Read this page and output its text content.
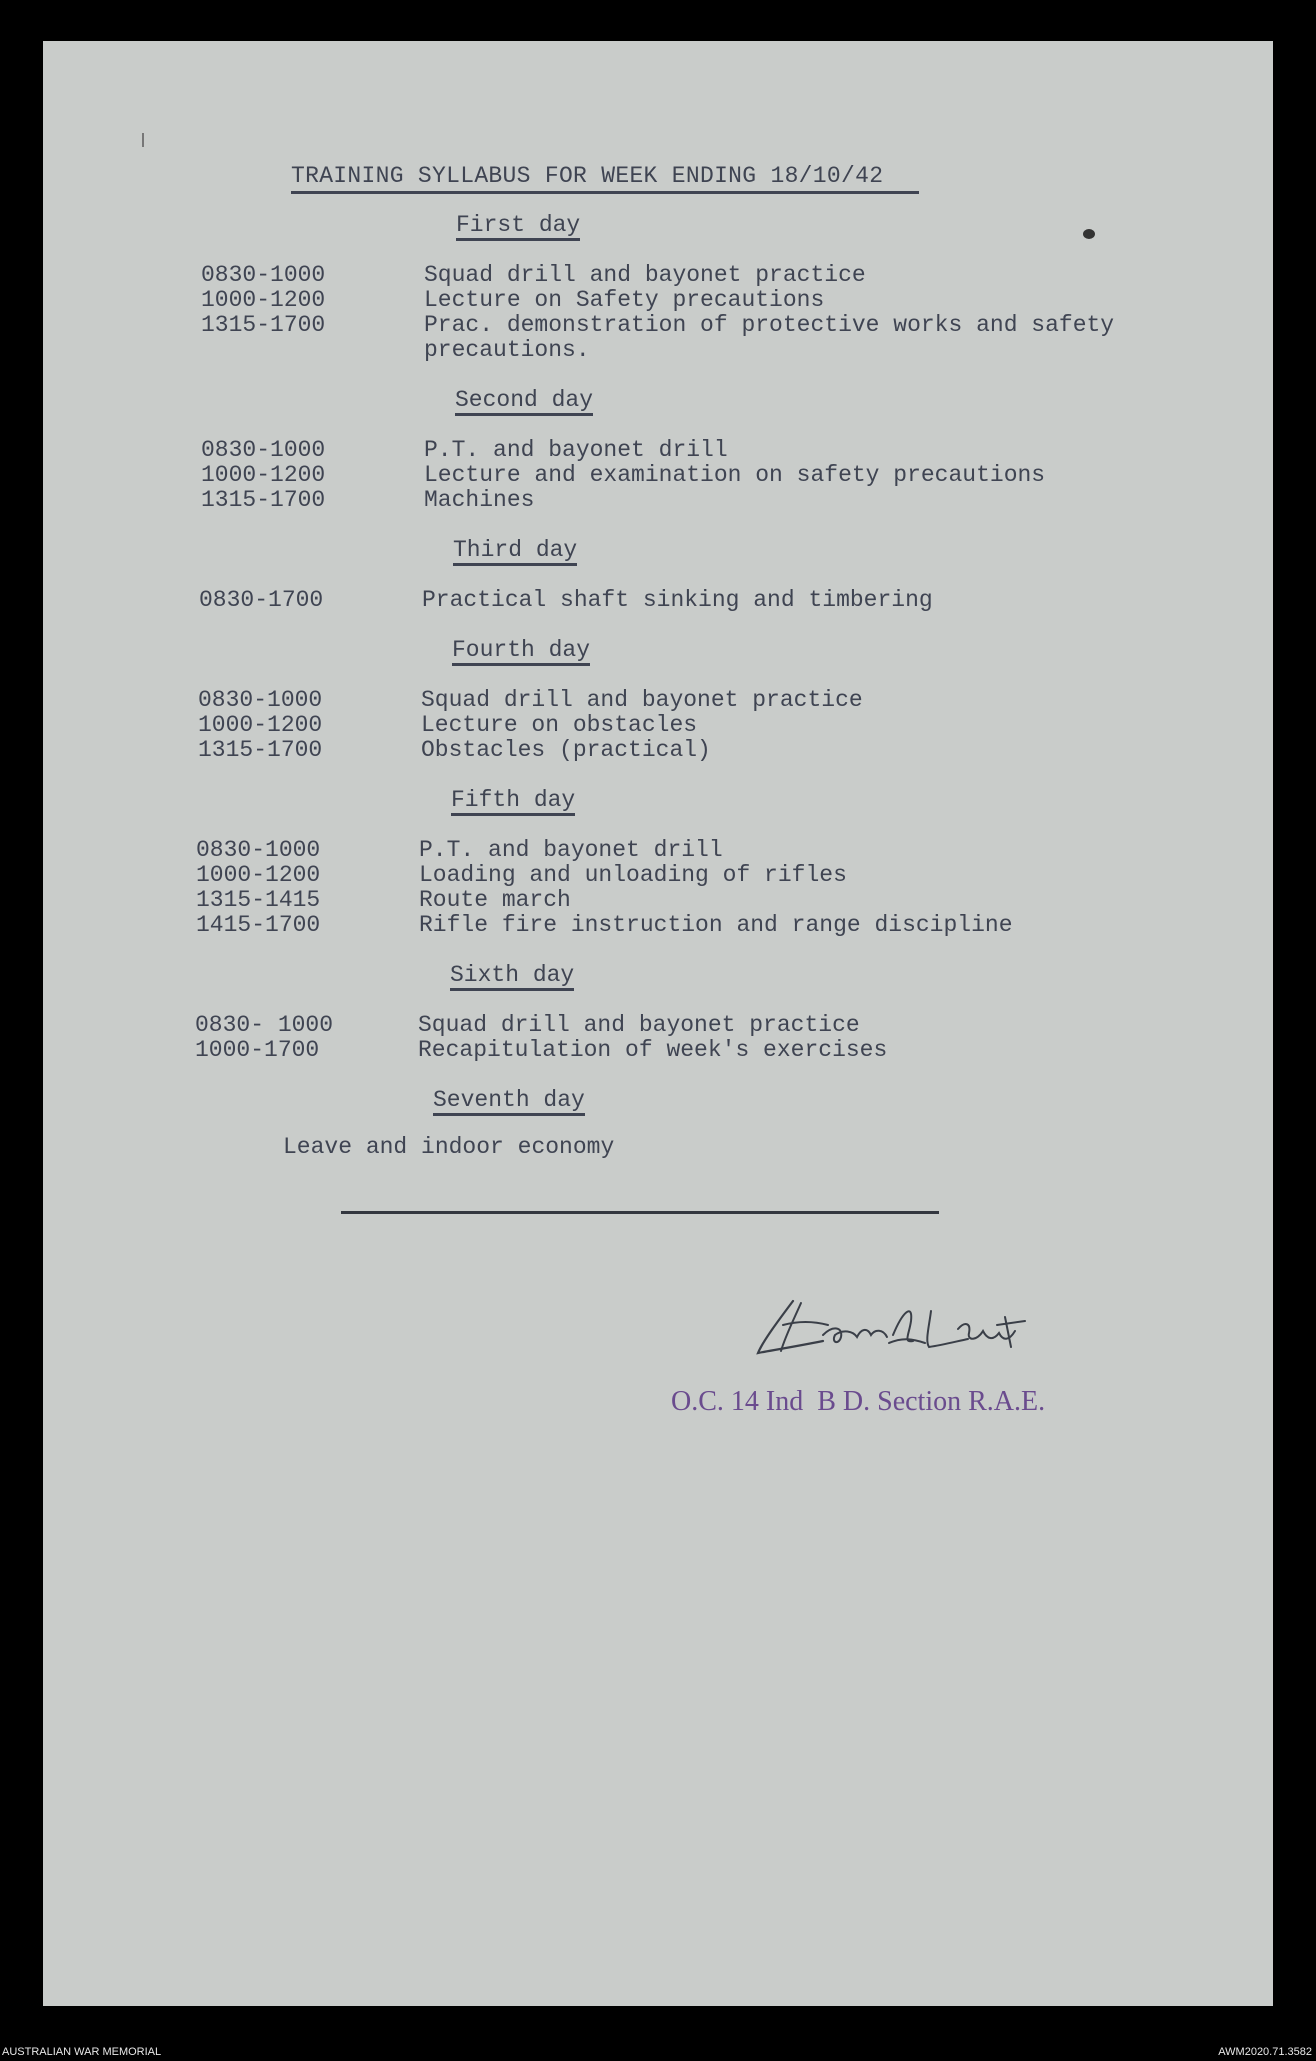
TRAINING SYLLABUS FOR WEEK ENDING 18/10/42
First day
0830-1000	Squad drill and bayonet practice
1000-1200	Lecture on Safety precautions
1315-1700	Prac. demonstration of protective works and safety precautions.
Second day
0830-1000	P.T. and bayonet drill
1000-1200	Lecture and examination on safety precautions
1315-1700	Machines
Third day
0830-1700	Practical shaft sinking and timbering
Fourth day
0830-1000	Squad drill and bayonet practice
1000-1200	Lecture on obstacles
1315-1700	Obstacles (practical)
Fifth day
0830-1000	P.T. and bayonet drill
1000-1200	Loading and unloading of rifles
1315-1415	Route march
1415-1700	Rifle fire instruction and range discipline
Sixth day
0830- 1000	Squad drill and bayonet practice
1000-1700	Recapitulation of week's exercises
Seventh day
Leave and indoor economy
O.C. 14 Ind  B D. Section R.A.E.
AUSTRALIAN WAR MEMORIAL	AWM2020.71.3582
